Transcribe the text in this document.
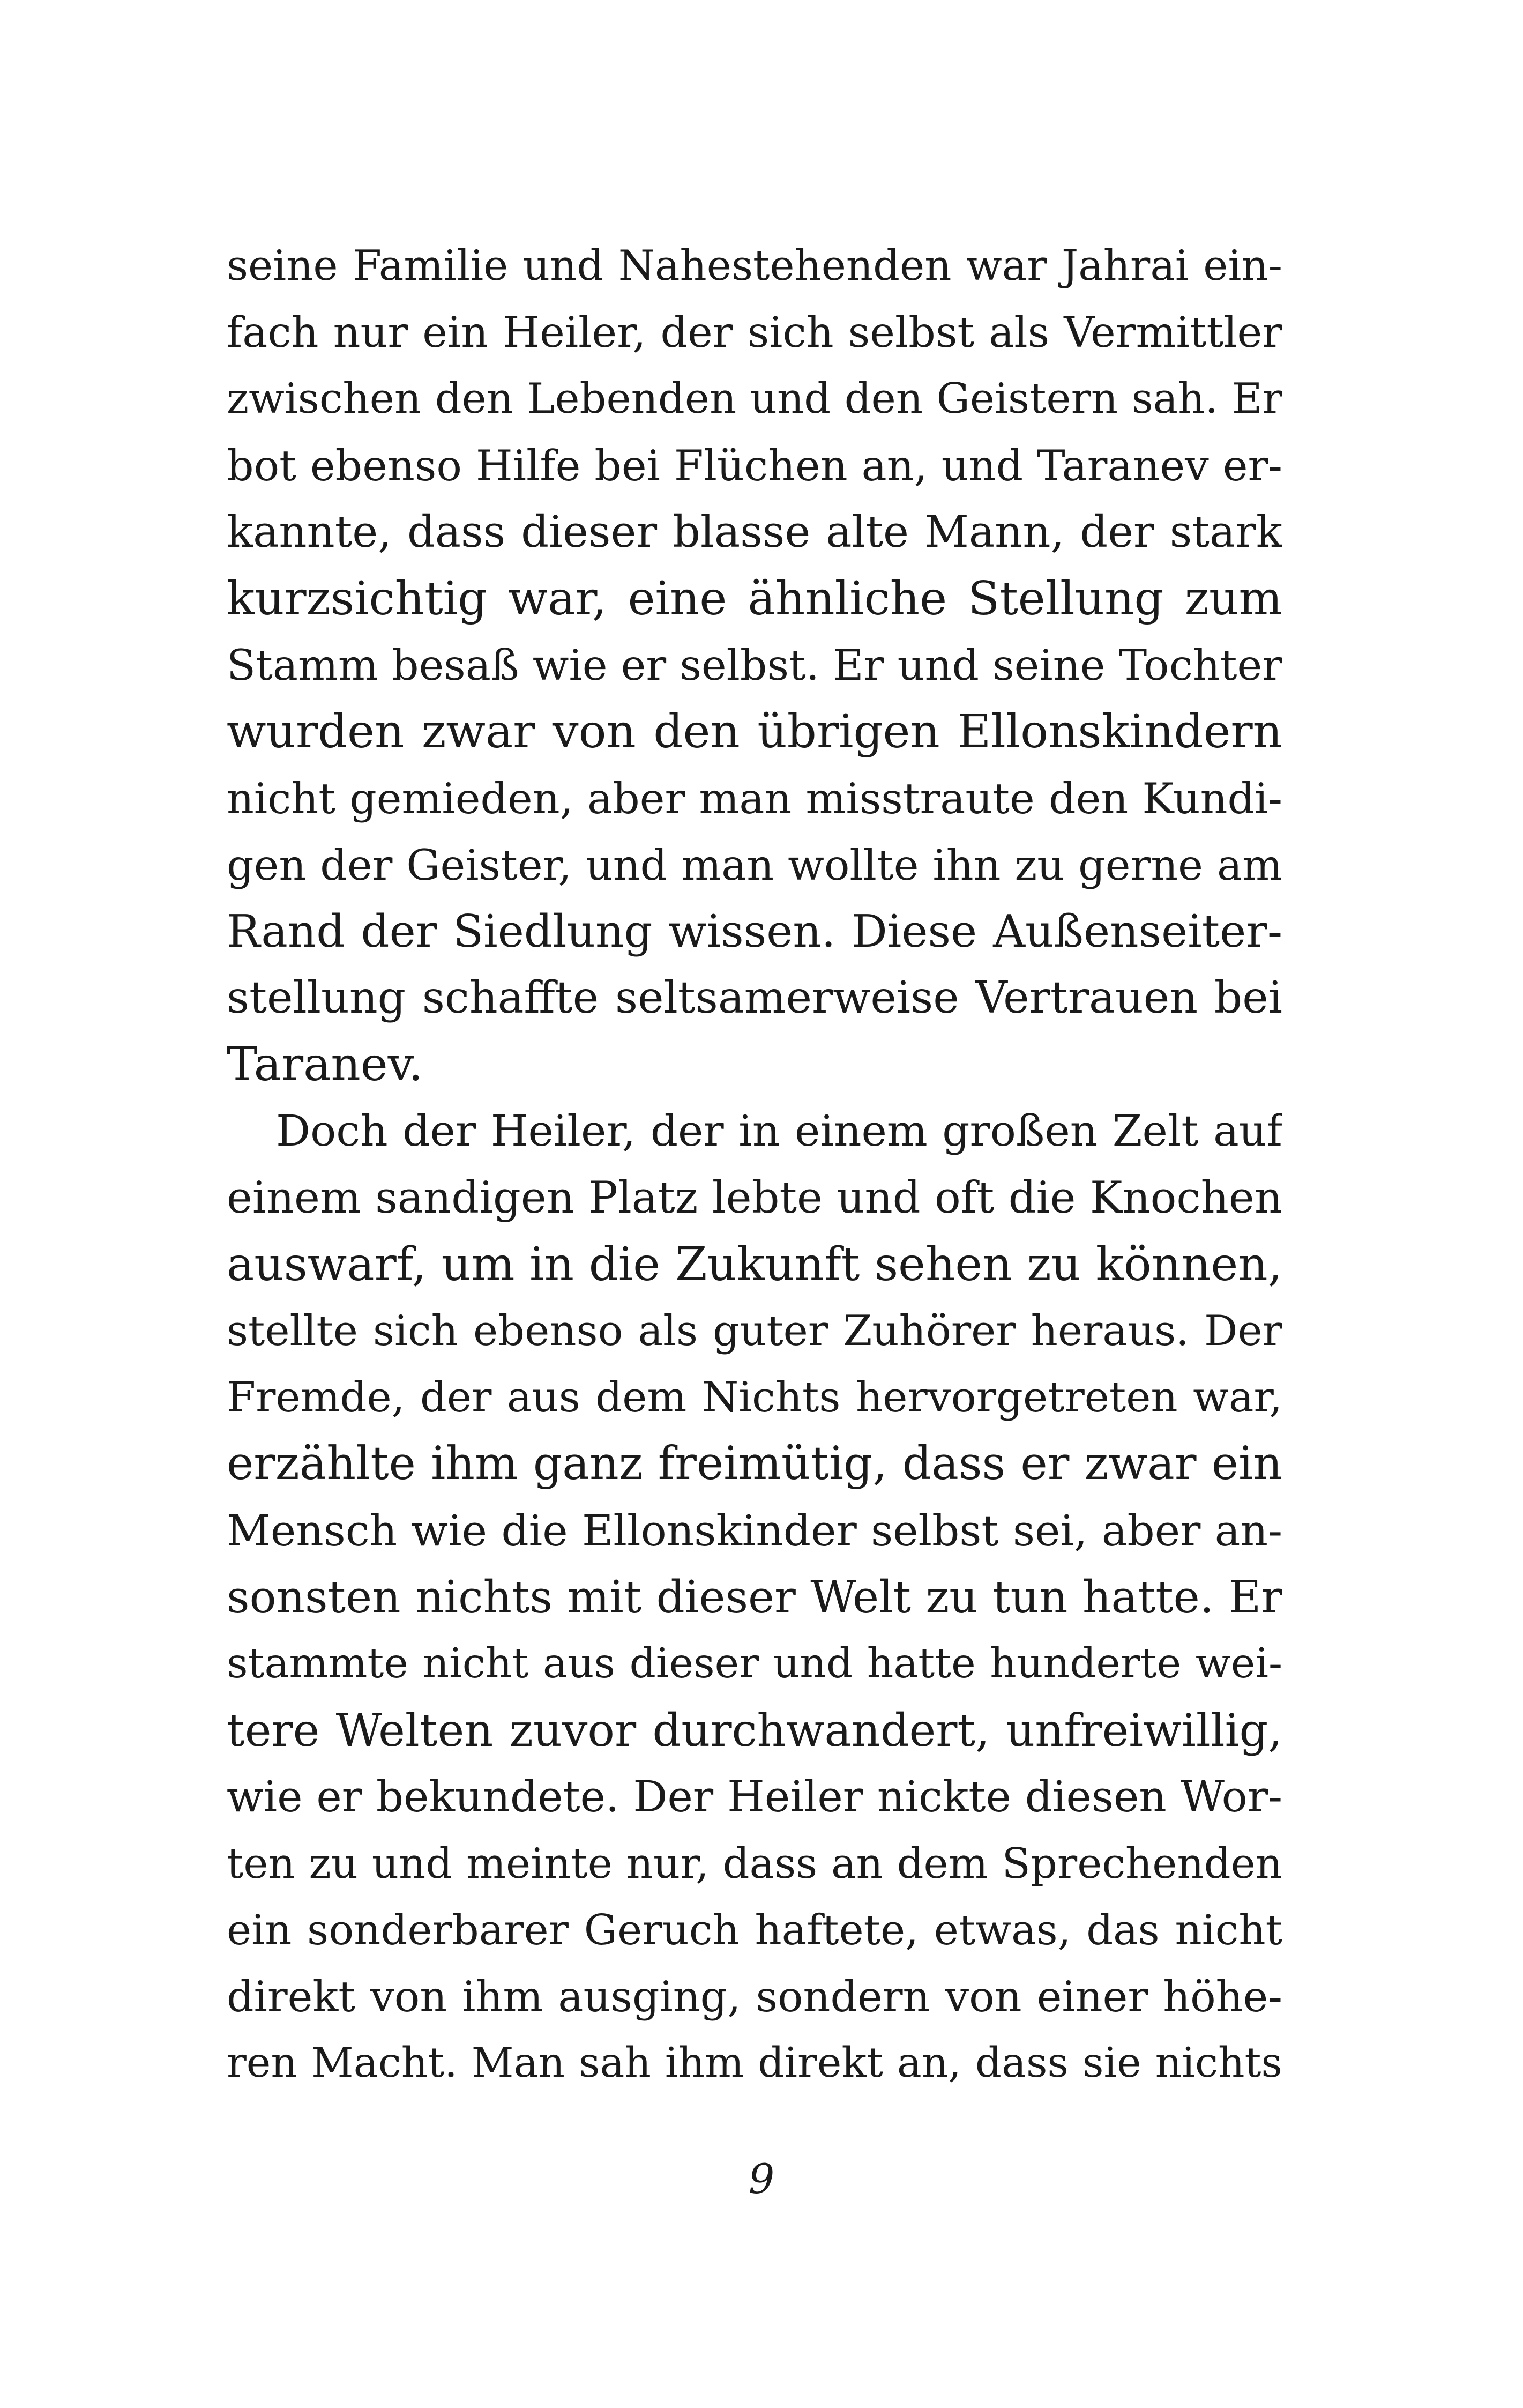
seine Familie und Nahestehenden war Jahrai ein-
fach nur ein Heiler, der sich selbst als Vermittler
zwischen den Lebenden und den Geistern sah. Er
bot ebenso Hilfe bei Flüchen an, und Taranev er-
kannte, dass dieser blasse alte Mann, der stark
kurzsichtig war, eine ähnliche Stellung zum
Stamm besaß wie er selbst. Er und seine Tochter
wurden zwar von den übrigen Ellonskindern
nicht gemieden, aber man misstraute den Kundi-
gen der Geister, und man wollte ihn zu gerne am
Rand der Siedlung wissen. Diese Außenseiter-
stellung schaffte seltsamerweise Vertrauen bei
Taranev.
Doch der Heiler, der in einem großen Zelt auf
einem sandigen Platz lebte und oft die Knochen
auswarf, um in die Zukunft sehen zu können,
stellte sich ebenso als guter Zuhörer heraus. Der
Fremde, der aus dem Nichts hervorgetreten war,
erzählte ihm ganz freimütig, dass er zwar ein
Mensch wie die Ellonskinder selbst sei, aber an-
sonsten nichts mit dieser Welt zu tun hatte. Er
stammte nicht aus dieser und hatte hunderte wei-
tere Welten zuvor durchwandert, unfreiwillig,
wie er bekundete. Der Heiler nickte diesen Wor-
ten zu und meinte nur, dass an dem Sprechenden
ein sonderbarer Geruch haftete, etwas, das nicht
direkt von ihm ausging, sondern von einer höhe-
ren Macht. Man sah ihm direkt an, dass sie nichts
9
